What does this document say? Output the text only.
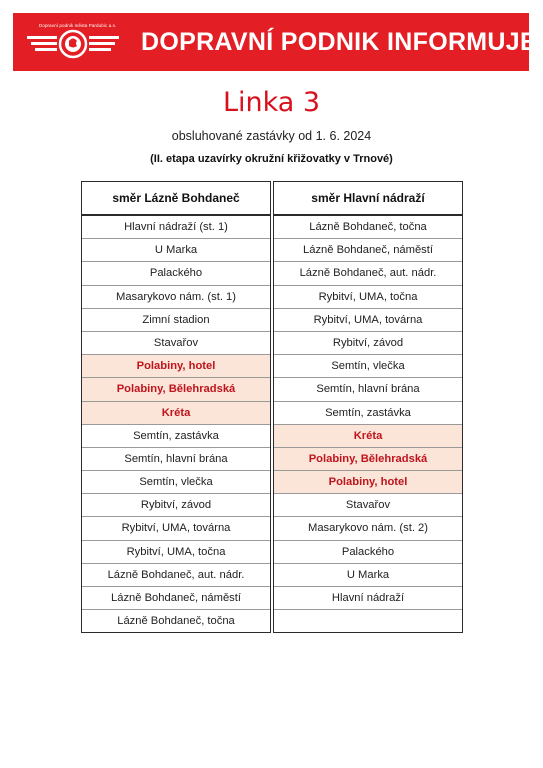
Dopravní podnik města Pardubic a.s.
DOPRAVNÍ PODNIK INFORMUJE
Linka 3
obsluhované zastávky od 1. 6. 2024
(II. etapa uzavírky okružní křižovatky v Trnové)
směr Lázně Bohdaneč
Hlavní nádraží (st. 1)
U Marka
Palackého
Masarykovo nám. (st. 1)
Zimní stadion
Stavařov
Polabiny, hotel
Polabiny, Bělehradská
Kréta
Semtín, zastávka
Semtín, hlavní brána
Semtín, vlečka
Rybitví, závod
Rybitví, UMA, továrna
Rybitví, UMA, točna
Lázně Bohdaneč, aut. nádr.
Lázně Bohdaneč, náměstí
Lázně Bohdaneč, točna
směr Hlavní nádraží
Lázně Bohdaneč, točna
Lázně Bohdaneč, náměstí
Lázně Bohdaneč, aut. nádr.
Rybitví, UMA, točna
Rybitví, UMA, továrna
Rybitví, závod
Semtín, vlečka
Semtín, hlavní brána
Semtín, zastávka
Kréta
Polabiny, Bělehradská
Polabiny, hotel
Stavařov
Masarykovo nám. (st. 2)
Palackého
U Marka
Hlavní nádraží
